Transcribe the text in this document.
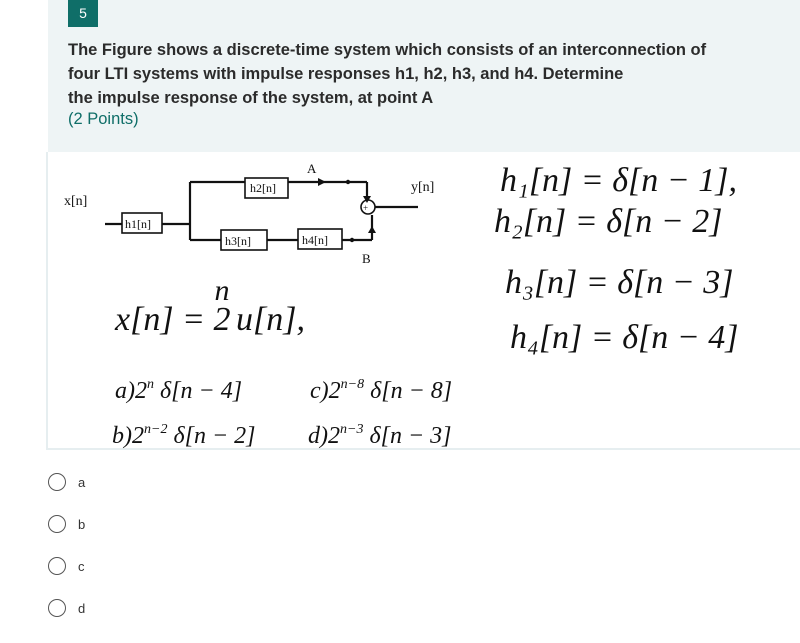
5
The Figure shows a discrete-time system which consists of an interconnection of
four LTI systems with impulse responses h1, h2, h3, and h4. Determine
the impulse response of the system, at point A
(2 Points)
+
x[n]
y[n]
h1[n]
h2[n]
h3[n]	h4[n]
A
B
h₁[n] = δ[n − 1],
h₂[n] = δ[n − 2]
h₃[n] = δ[n − 3]
h₄[n] = δ[n − 4]
x[n] = 2n u[n],
a)2$^n$ δ[n − 4]	$c)2^{n-8}$ δ[n − 8]
$b)2^{n-2}$ δ[n − 2] $d)2^{n-3}$ δ[n − 3]
a
b
c
d
